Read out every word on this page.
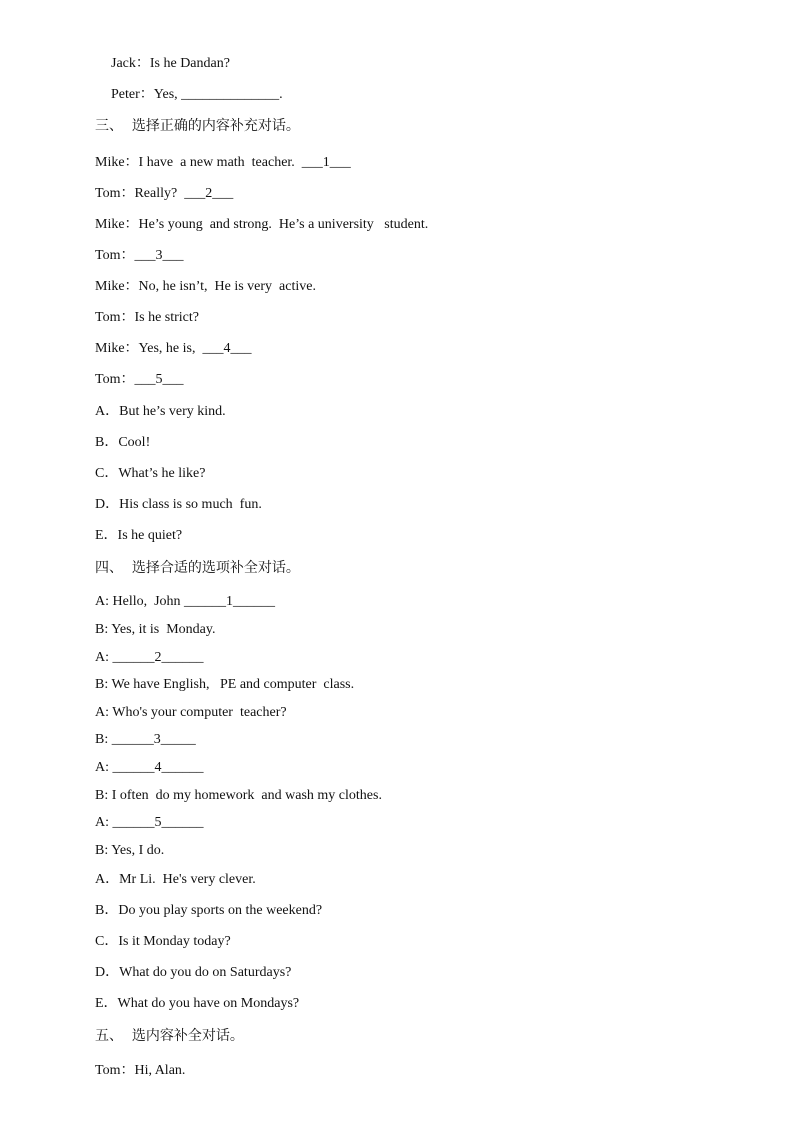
Jack：Is he Dandan?
Peter：Yes, ______________.
三、  选择正确的内容补充对话。
Mike：I have  a new math  teacher.  ___1___
Tom：Really?  ___2___
Mike：He’s young  and strong.  He’s a university   student.
Tom：___3___
Mike：No, he isn’t,  He is very  active.
Tom：Is he strict?
Mike：Yes, he is,  ___4___
Tom：___5___
A．But he’s very kind.
B．Cool!
C．What’s he like?
D．His class is so much  fun.
E．Is he quiet?
四、  选择合适的选项补全对话。
A: Hello,  John ______1______
B: Yes, it is  Monday.
A: ______2______
B: We have English,   PE and computer  class.
A: Who's your computer  teacher?
B: ______3_____
A: ______4______
B: I often  do my homework  and wash my clothes.
A: ______5______
B: Yes, I do.
A．Mr Li.  He's very clever.
B．Do you play sports on the weekend?
C．Is it Monday today?
D．What do you do on Saturdays?
E．What do you have on Mondays?
五、  选内容补全对话。
Tom：Hi, Alan.
